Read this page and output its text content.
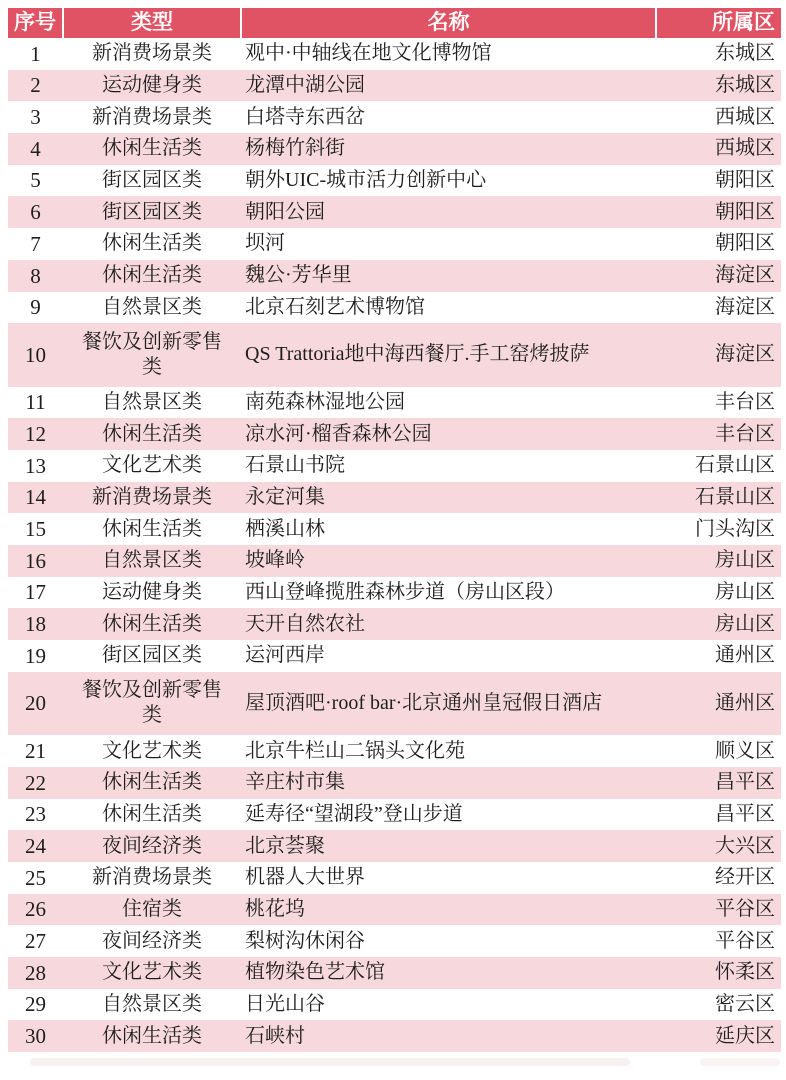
序号	类型	名称	所属区
1	新消费场景类	观中·中轴线在地文化博物馆	东城区
2	运动健身类	龙潭中湖公园	东城区
3	新消费场景类	白塔寺东西岔	西城区
4	休闲生活类	杨梅竹斜街	西城区
5	街区园区类	朝外UIC-城市活力创新中心	朝阳区
6	街区园区类	朝阳公园	朝阳区
7	休闲生活类	坝河	朝阳区
8	休闲生活类	魏公·芳华里	海淀区
9	自然景区类	北京石刻艺术博物馆	海淀区
10	餐饮及创新零售类	QS Trattoria地中海西餐厅.手工窑烤披萨	海淀区
11	自然景区类	南苑森林湿地公园	丰台区
12	休闲生活类	凉水河·榴香森林公园	丰台区
13	文化艺术类	石景山书院	石景山区
14	新消费场景类	永定河集	石景山区
15	休闲生活类	栖溪山林	门头沟区
16	自然景区类	坡峰岭	房山区
17	运动健身类	西山登峰揽胜森林步道（房山区段）	房山区
18	休闲生活类	天开自然农社	房山区
19	街区园区类	运河西岸	通州区
20	餐饮及创新零售类	屋顶酒吧·roof bar·北京通州皇冠假日酒店	通州区
21	文化艺术类	北京牛栏山二锅头文化苑	顺义区
22	休闲生活类	辛庄村市集	昌平区
23	休闲生活类	延寿径“望湖段”登山步道	昌平区
24	夜间经济类	北京荟聚	大兴区
25	新消费场景类	机器人大世界	经开区
26	住宿类	桃花坞	平谷区
27	夜间经济类	梨树沟休闲谷	平谷区
28	文化艺术类	植物染色艺术馆	怀柔区
29	自然景区类	日光山谷	密云区
30	休闲生活类	石峡村	延庆区
